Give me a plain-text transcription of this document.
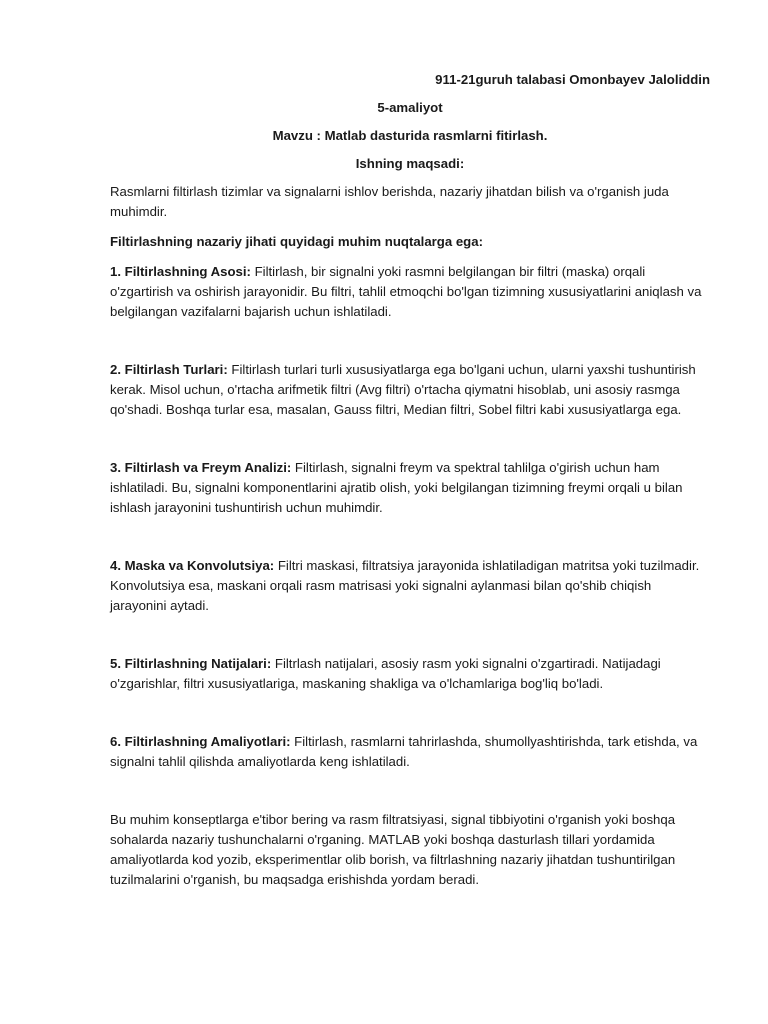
911-21guruh talabasi Omonbayev Jaloliddin

5-amaliyot

Mavzu : Matlab dasturida rasmlarni fitirlash.

Ishning maqsadi:

Rasmlarni filtirlash tizimlar va signalarni ishlov berishda, nazariy jihatdan bilish va o'rganish juda muhimdir.

Filtirlashning nazariy jihati quyidagi muhim nuqtalarga ega:

1. Filtirlashning Asosi: Filtirlash, bir signalni yoki rasmni belgilangan bir filtri (maska) orqali o'zgartirish va oshirish jarayonidir. Bu filtri, tahlil etmoqchi bo'lgan tizimning xususiyatlarini aniqlash va belgilangan vazifalarni bajarish uchun ishlatiladi.

2. Filtirlash Turlari: Filtirlash turlari turli xususiyatlarga ega bo'lgani uchun, ularni yaxshi tushuntirish kerak. Misol uchun, o'rtacha arifmetik filtri (Avg filtri) o'rtacha qiymatni hisoblab, uni asosiy rasmga qo'shadi. Boshqa turlar esa, masalan, Gauss filtri, Median filtri, Sobel filtri kabi xususiyatlarga ega.

3. Filtirlash va Freym Analizi: Filtirlash, signalni freym va spektral tahlilga o'girish uchun ham ishlatiladi. Bu, signalni komponentlarini ajratib olish, yoki belgilangan tizimning freymi orqali u bilan ishlash jarayonini tushuntirish uchun muhimdir.

4. Maska va Konvolutsiya: Filtri maskasi, filtratsiya jarayonida ishlatiladigan matritsa yoki tuzilmadir. Konvolutsiya esa, maskani orqali rasm matrisasi yoki signalni aylanmasi bilan qo'shib chiqish jarayonini aytadi.

5. Filtirlashning Natijalari: Filtrlash natijalari, asosiy rasm yoki signalni o'zgartiradi. Natijadagi o'zgarishlar, filtri xususiyatlariga, maskaning shakliga va o'lchamlariga bog'liq bo'ladi.

6. Filtirlashning Amaliyotlari: Filtirlash, rasmlarni tahrirlashda, shumollyashtirishda, tark etishda, va signalni tahlil qilishda amaliyotlarda keng ishlatiladi.

Bu muhim konseptlarga e'tibor bering va rasm filtratsiyasi, signal tibbiyotini o'rganish yoki boshqa sohalarda nazariy tushunchalarni o'rganing. MATLAB yoki boshqa dasturlash tillari yordamida amaliyotlarda kod yozib, eksperimentlar olib borish, va filtrlashning nazariy jihatdan tushuntirilgan tuzilmalarini o'rganish, bu maqsadga erishishda yordam beradi.
